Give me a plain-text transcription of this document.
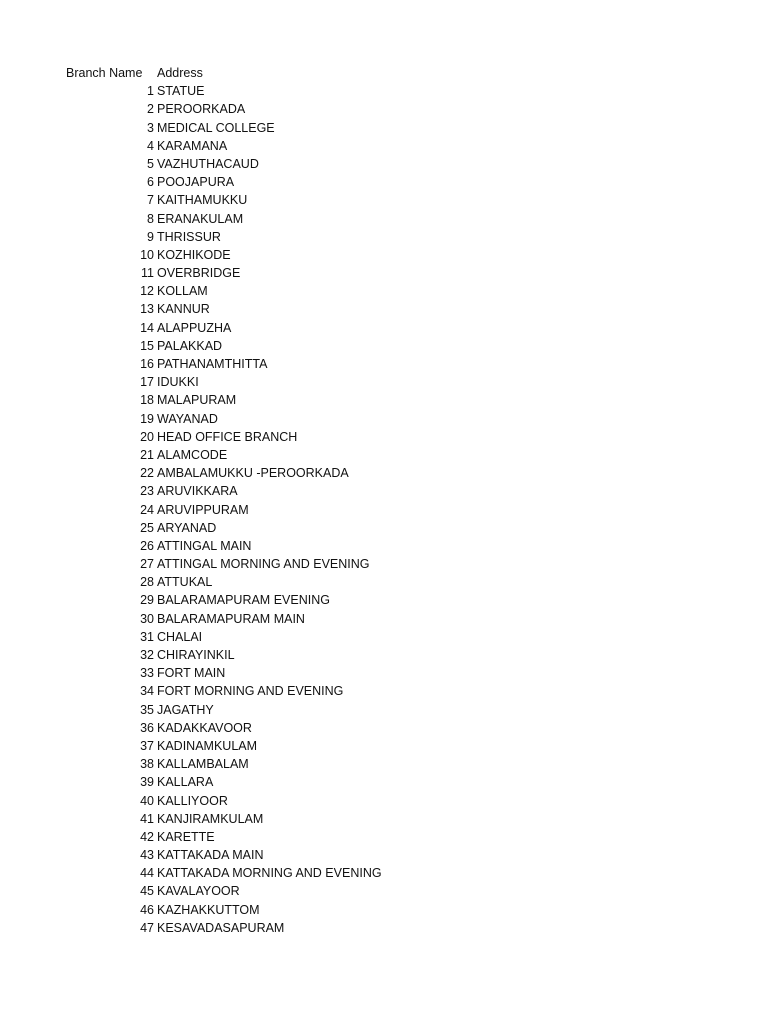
Branch Name Address
1 STATUE
2 PEROORKADA
3 MEDICAL COLLEGE
4 KARAMANA
5 VAZHUTHACAUD
6 POOJAPURA
7 KAITHAMUKKU
8 ERANAKULAM
9 THRISSUR
10 KOZHIKODE
11 OVERBRIDGE
12 KOLLAM
13 KANNUR
14 ALAPPUZHA
15 PALAKKAD
16 PATHANAMTHITTA
17 IDUKKI
18 MALAPURAM
19 WAYANAD
20 HEAD OFFICE BRANCH
21 ALAMCODE
22 AMBALAMUKKU -PEROORKADA
23 ARUVIKKARA
24 ARUVIPPURAM
25 ARYANAD
26 ATTINGAL MAIN
27 ATTINGAL MORNING AND EVENING
28 ATTUKAL
29 BALARAMAPURAM EVENING
30 BALARAMAPURAM MAIN
31 CHALAI
32 CHIRAYINKIL
33 FORT MAIN
34 FORT MORNING AND EVENING
35 JAGATHY
36 KADAKKAVOOR
37 KADINAMKULAM
38 KALLAMBALAM
39 KALLARA
40 KALLIYOOR
41 KANJIRAMKULAM
42 KARETTE
43 KATTAKADA MAIN
44 KATTAKADA MORNING AND EVENING
45 KAVALAYOOR
46 KAZHAKKUTTOM
47 KESAVADASAPURAM
